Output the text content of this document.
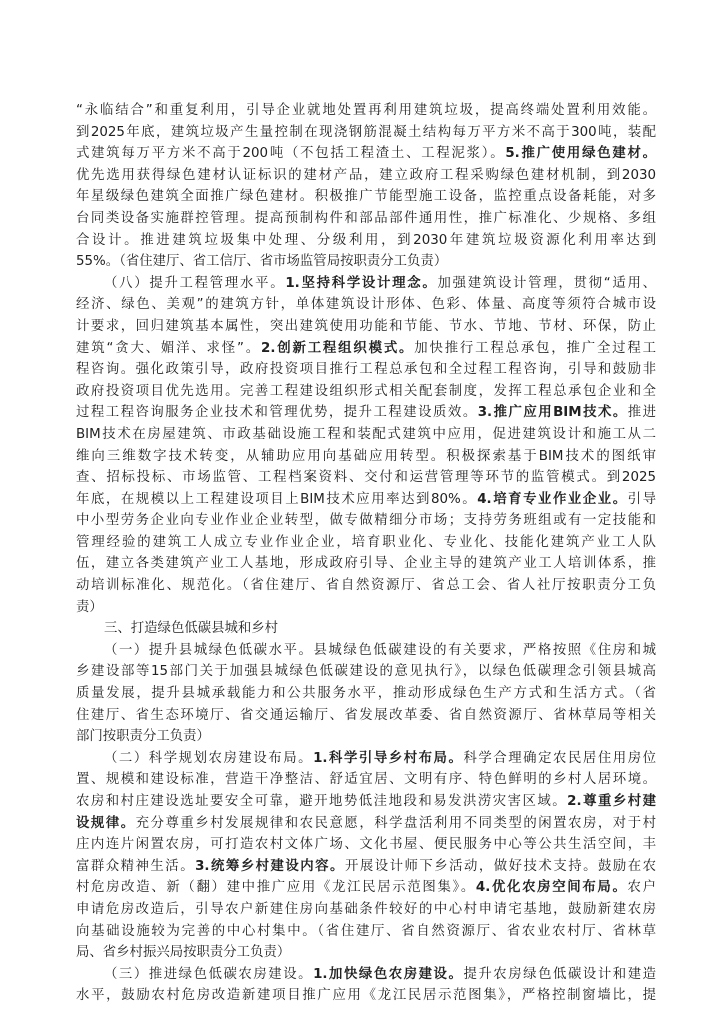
“永临结合”和重复利用，引导企业就地处置再利用建筑垃圾，提高终端处置利用效能。
到2025年底，建筑垃圾产生量控制在现浇钢筋混凝土结构每万平方米不高于300吨，装配
式建筑每万平方米不高于200吨（不包括工程渣土、工程泥浆）。5.推广使用绿色建材。
优先选用获得绿色建材认证标识的建材产品，建立政府工程采购绿色建材机制，到2030
年星级绿色建筑全面推广绿色建材。积极推广节能型施工设备，监控重点设备耗能，对多
台同类设备实施群控管理。提高预制构件和部品部件通用性，推广标准化、少规格、多组
合设计。推进建筑垃圾集中处理、分级利用，到2030年建筑垃圾资源化利用率达到
55%。（省住建厅、省工信厅、省市场监管局按职责分工负责）
（八）提升工程管理水平。1.坚持科学设计理念。加强建筑设计管理，贯彻“适用、
经济、绿色、美观”的建筑方针，单体建筑设计形体、色彩、体量、高度等须符合城市设
计要求，回归建筑基本属性，突出建筑使用功能和节能、节水、节地、节材、环保，防止
建筑“贪大、媚洋、求怪”。2.创新工程组织模式。加快推行工程总承包，推广全过程工
程咨询。强化政策引导，政府投资项目推行工程总承包和全过程工程咨询，引导和鼓励非
政府投资项目优先选用。完善工程建设组织形式相关配套制度，发挥工程总承包企业和全
过程工程咨询服务企业技术和管理优势，提升工程建设质效。3.推广应用BIM技术。推进
BIM技术在房屋建筑、市政基础设施工程和装配式建筑中应用，促进建筑设计和施工从二
维向三维数字技术转变，从辅助应用向基础应用转型。积极探索基于BIM技术的图纸审
查、招标投标、市场监管、工程档案资料、交付和运营管理等环节的监管模式。到2025
年底，在规模以上工程建设项目上BIM技术应用率达到80%。4.培育专业作业企业。引导
中小型劳务企业向专业作业企业转型，做专做精细分市场；支持劳务班组或有一定技能和
管理经验的建筑工人成立专业作业企业，培育职业化、专业化、技能化建筑产业工人队
伍，建立各类建筑产业工人基地，形成政府引导、企业主导的建筑产业工人培训体系，推
动培训标准化、规范化。（省住建厅、省自然资源厅、省总工会、省人社厅按职责分工负
责）
三、打造绿色低碳县城和乡村
（一）提升县城绿色低碳水平。县城绿色低碳建设的有关要求，严格按照《住房和城
乡建设部等15部门关于加强县城绿色低碳建设的意见执行》，以绿色低碳理念引领县城高
质量发展，提升县城承载能力和公共服务水平，推动形成绿色生产方式和生活方式。（省
住建厅、省生态环境厅、省交通运输厅、省发展改革委、省自然资源厅、省林草局等相关
部门按职责分工负责）
（二）科学规划农房建设布局。1.科学引导乡村布局。科学合理确定农民居住用房位
置、规模和建设标准，营造干净整洁、舒适宜居、文明有序、特色鲜明的乡村人居环境。
农房和村庄建设选址要安全可靠，避开地势低洼地段和易发洪涝灾害区域。2.尊重乡村建
设规律。充分尊重乡村发展规律和农民意愿，科学盘活利用不同类型的闲置农房，对于村
庄内连片闲置农房，可打造农村文体广场、文化书屋、便民服务中心等公共生活空间，丰
富群众精神生活。3.统筹乡村建设内容。开展设计师下乡活动，做好技术支持。鼓励在农
村危房改造、新（翻）建中推广应用《龙江民居示范图集》。4.优化农房空间布局。农户
申请危房改造后，引导农户新建住房向基础条件较好的中心村申请宅基地，鼓励新建农房
向基础设施较为完善的中心村集中。（省住建厅、省自然资源厅、省农业农村厅、省林草
局、省乡村振兴局按职责分工负责）
（三）推进绿色低碳农房建设。1.加快绿色农房建设。提升农房绿色低碳设计和建造
水平，鼓励农村危房改造新建项目推广应用《龙江民居示范图集》，严格控制窗墙比，提
